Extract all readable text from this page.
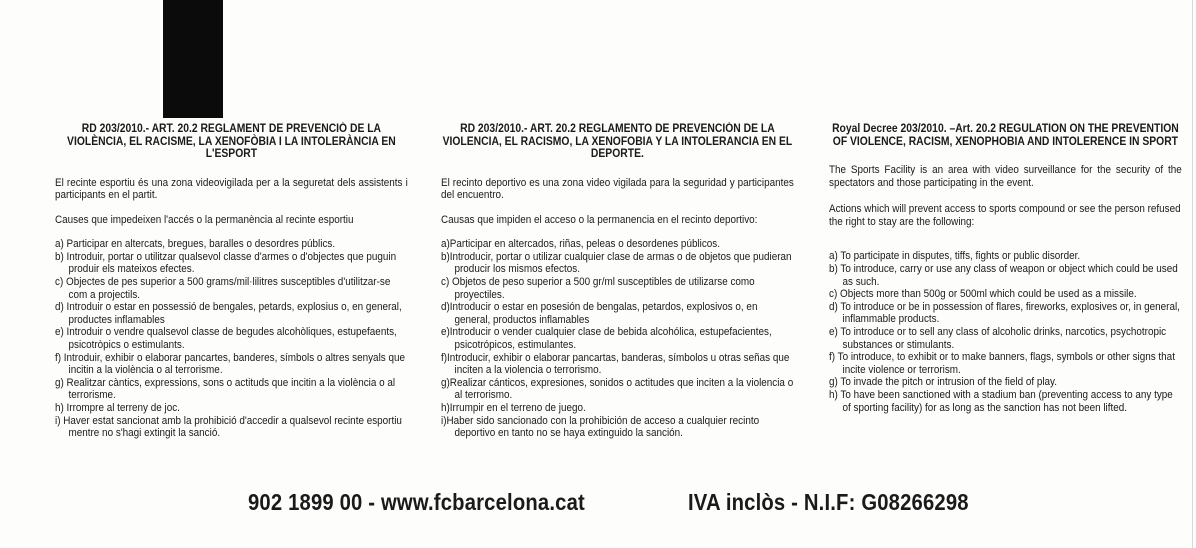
RD 203/2010.- ART. 20.2 REGLAMENT DE PREVENCIÓ DE LA VIOLÈNCIA, EL RACISME, LA XENOFÒBIA I LA INTOLERÀNCIA EN L'ESPORT
El recinte esportiu és una zona videovigilada per a la seguretat dels assistents i participants en el partit.
Causes que impedeixen l'accés o la permanència al recinte esportiu
a) Participar en altercats, bregues, baralles o desordres públics.
b) Introduir, portar o utilitzar qualsevol classe d'armes o d'objectes que puguin produir els mateixos efectes.
c) Objectes de pes superior a 500 grams/mil·lilitres susceptibles d'utilitzar-se com a projectils.
d) Introduir o estar en possessió de bengales, petards, explosius o, en general, productes inflamables
e) Introduir o vendre qualsevol classe de begudes alcohòliques, estupefaents, psicotròpics o estimulants.
f) Introduir, exhibir o elaborar pancartes, banderes, símbols o altres senyals que incitin a la violència o al terrorisme.
g) Realitzar càntics, expressions, sons o actituds que incitin a la violència o al terrorisme.
h) Irrompre al terreny de joc.
i) Haver estat sancionat amb la prohibició d'accedir a qualsevol recinte esportiu mentre no s'hagi extingit la sanció.
RD 203/2010.- ART. 20.2 REGLAMENTO DE PREVENCIÓN DE LA VIOLENCIA, EL RACISMO, LA XENOFOBIA Y LA INTOLERANCIA EN EL DEPORTE.
El recinto deportivo es una zona video vigilada para la seguridad y participantes del encuentro.
Causas que impiden el acceso o la permanencia en el recinto deportivo:
a)Participar en altercados, riñas, peleas o desordenes públicos.
b)Introducir, portar o utilizar cualquier clase de armas o de objetos que pudieran producir los mismos efectos.
c) Objetos de peso superior a 500 gr/ml susceptibles de utilizarse como proyectiles.
d)Introducir o estar en posesión de bengalas, petardos, explosivos o, en general, productos inflamables
e)Introducir o vender cualquier clase de bebida alcohólica, estupefacientes, psicotrópicos, estimulantes.
f)Introducir, exhibir o elaborar pancartas, banderas, símbolos u otras señas que inciten a la violencia o terrorismo.
g)Realizar cánticos, expresiones, sonidos o actitudes que inciten a la violencia o al terrorismo.
h)Irrumpir en el terreno de juego.
i)Haber sido sancionado con la prohibición de acceso a cualquier recinto deportivo en tanto no se haya extinguido la sanción.
Royal Decree 203/2010. –Art. 20.2 REGULATION ON THE PREVENTION OF VIOLENCE, RACISM, XENOPHOBIA AND INTOLERENCE IN SPORT
The Sports Facility is an area with video surveillance for the security of the spectators and those participating in the event.
Actions which will prevent access to sports compound or see the person refused the right to stay are the following:
a) To participate in disputes, tiffs, fights or public disorder.
b) To introduce, carry or use any class of weapon or object which could be used as such.
c) Objects more than 500g or 500ml which could be used as a missile.
d) To introduce or be in possession of flares, fireworks, explosives or, in general, inflammable products.
e) To introduce or to sell any class of alcoholic drinks, narcotics, psychotropic substances or stimulants.
f) To introduce, to exhibit or to make banners, flags, symbols or other signs that incite violence or terrorism.
g) To invade the pitch or intrusion of the field of play.
h) To have been sanctioned with a stadium ban (preventing access to any type of sporting facility) for as long as the sanction has not been lifted.
902 1899 00 - www.fcbarcelona.cat	IVA inclòs - N.I.F: G08266298
